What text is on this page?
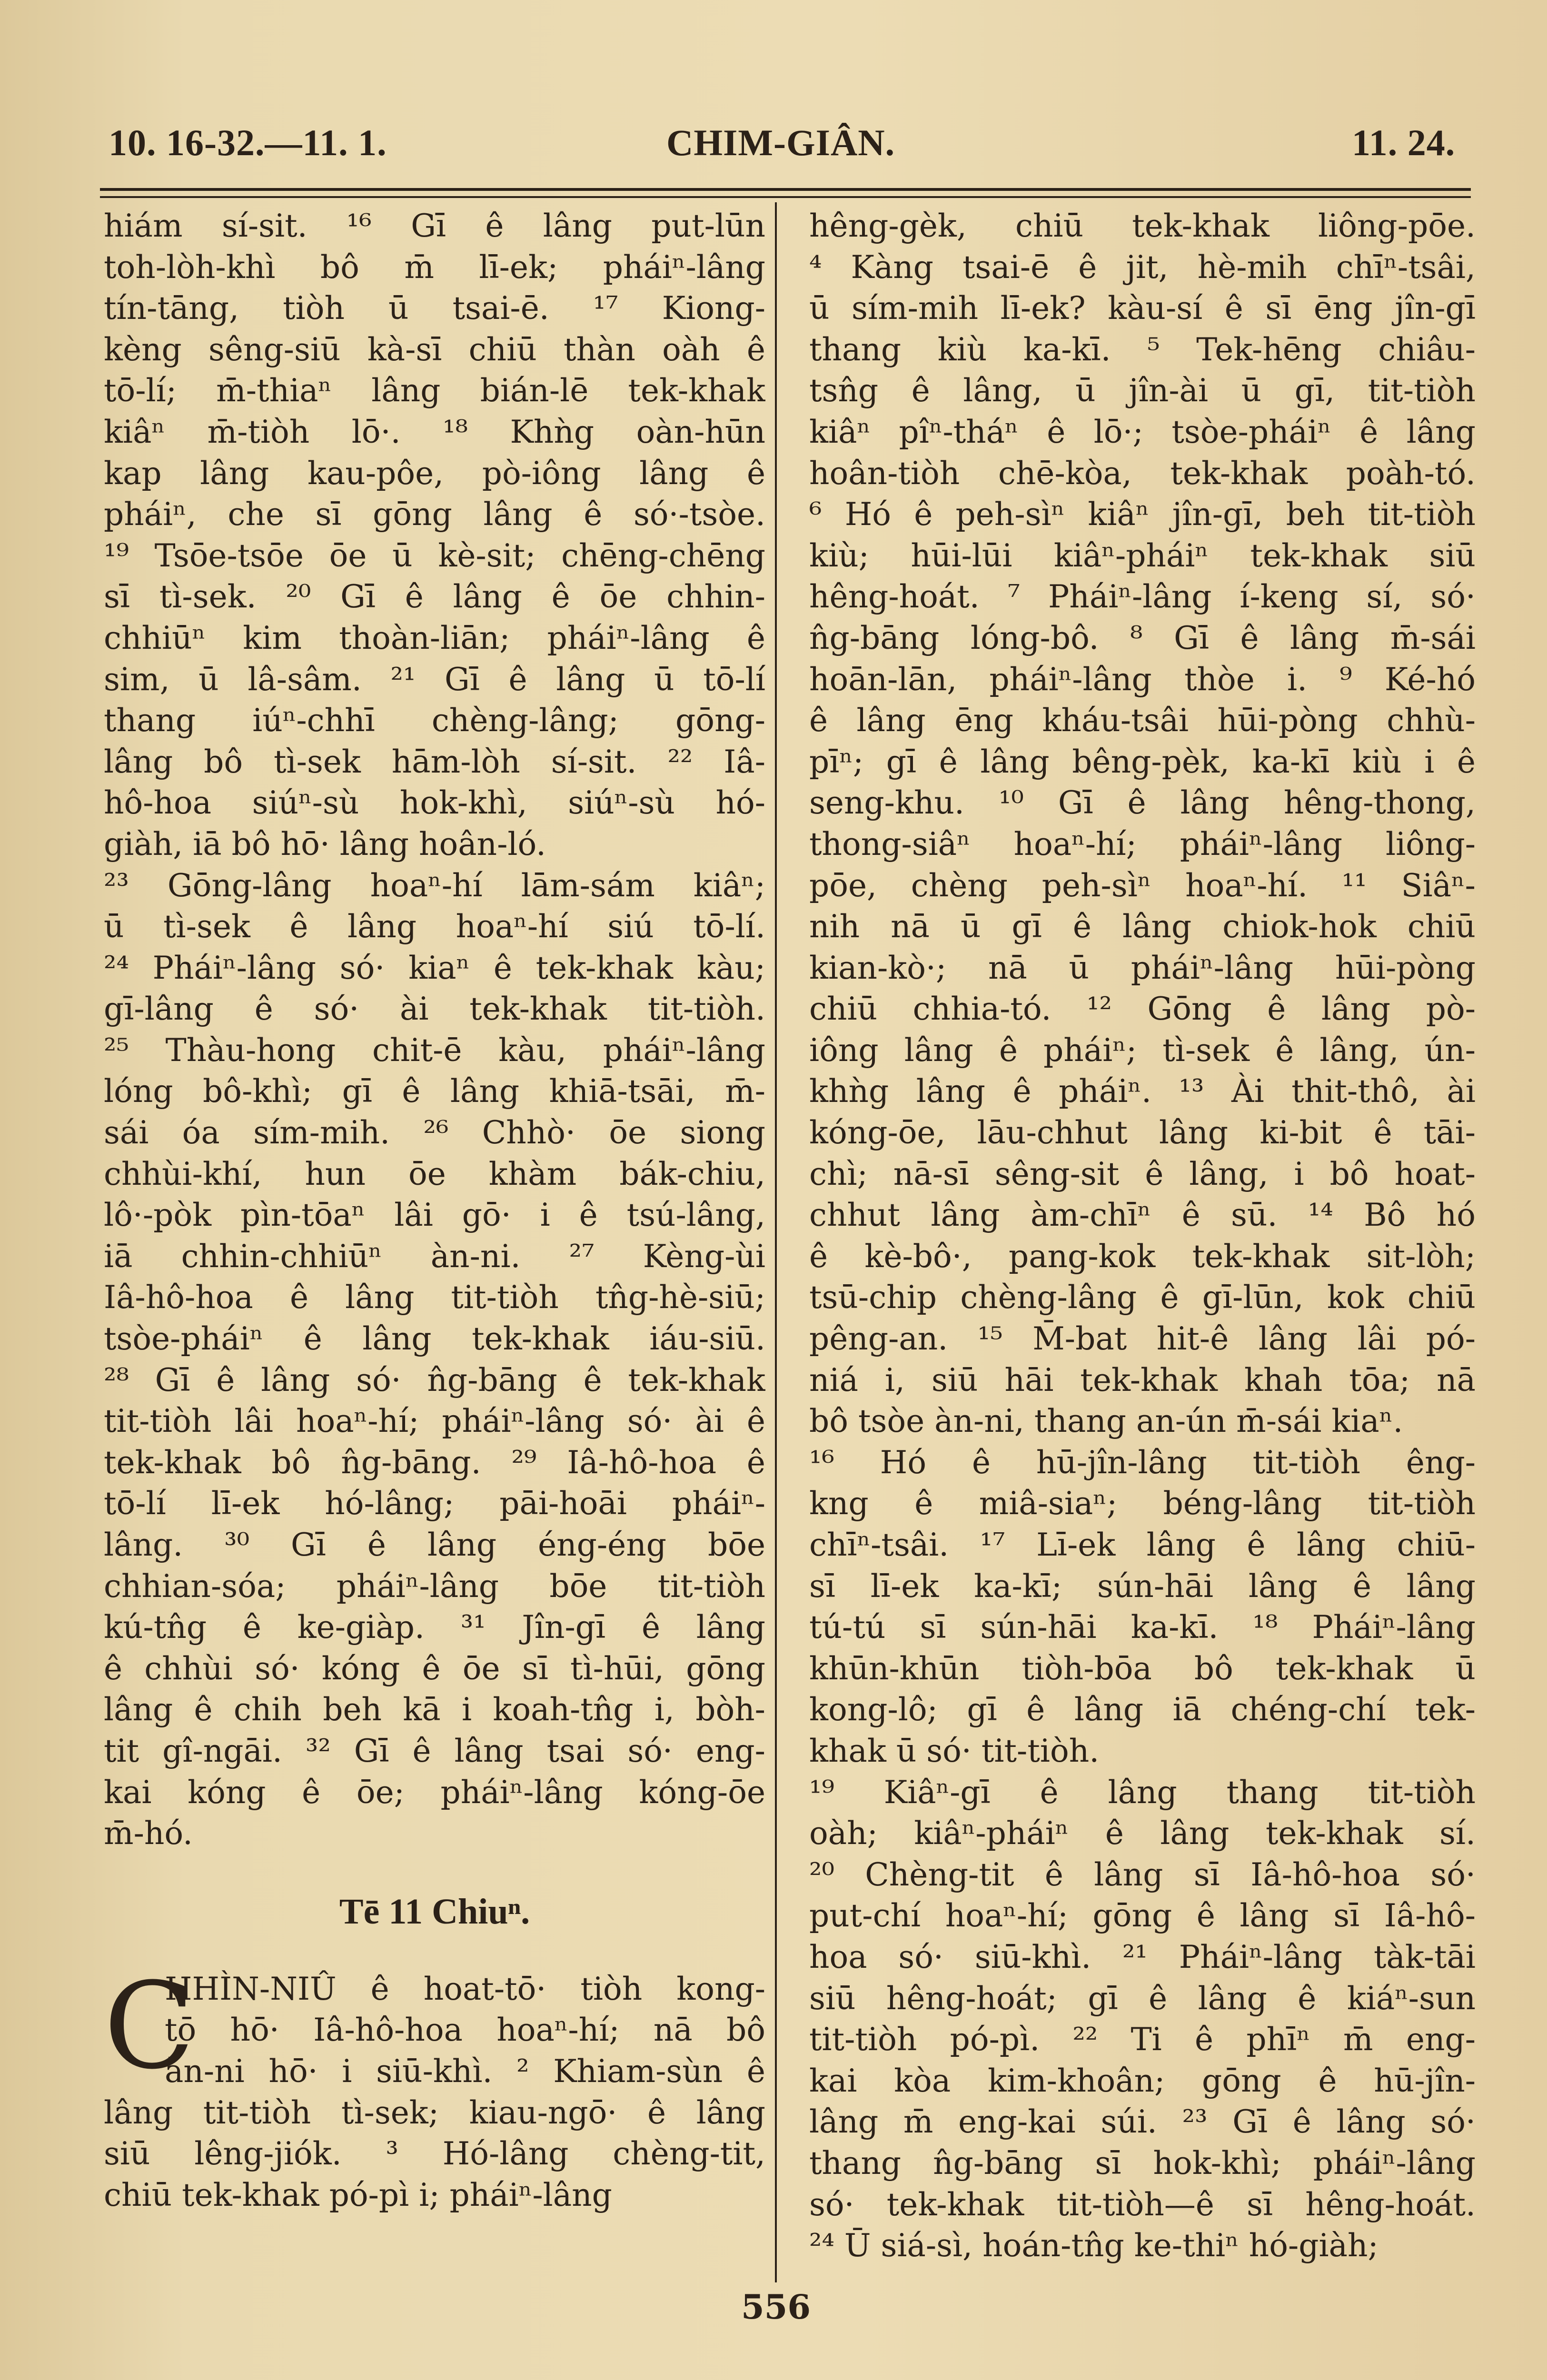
10. 16-32.—11. 1.	CHIM-GIÂN.	11. 24.
hiám sí-sit. ¹⁶ Gī ê lâng put-lūn
toh-lòh-khì bô m̄ lī-ek; pháiⁿ-lâng
tín-tāng, tiòh ū tsai-ē. ¹⁷ Kiong-
kèng sêng-siū kà-sī chiū thàn oàh ê
tō-lí; m̄-thiaⁿ lâng bián-lē tek-khak
kiâⁿ m̄-tiòh lō·. ¹⁸ Khǹg oàn-hūn
kap lâng kau-pôe, pò-iông lâng ê
pháiⁿ, che sī gōng lâng ê só·-tsòe.
¹⁹ Tsōe-tsōe ōe ū kè-sit; chēng-chēng
sī tì-sek. ²⁰ Gī ê lâng ê ōe chhin-
chhiūⁿ kim thoàn-liān; pháiⁿ-lâng ê
sim, ū lâ-sâm. ²¹ Gī ê lâng ū tō-lí
thang iúⁿ-chhī chèng-lâng; gōng-
lâng bô tì-sek hām-lòh sí-sit. ²² Iâ-
hô-hoa siúⁿ-sù hok-khì, siúⁿ-sù hó-
giàh, iā bô hō· lâng hoân-ló.
²³ Gōng-lâng hoaⁿ-hí lām-sám kiâⁿ;
ū tì-sek ê lâng hoaⁿ-hí siú tō-lí.
²⁴ Pháiⁿ-lâng só· kiaⁿ ê tek-khak kàu;
gī-lâng ê só· ài tek-khak tit-tiòh.
²⁵ Thàu-hong chit-ē kàu, pháiⁿ-lâng
lóng bô-khì; gī ê lâng khiā-tsāi, m̄-
sái óa sím-mih. ²⁶ Chhò· ōe siong
chhùi-khí, hun ōe khàm bák-chiu,
lô·-pòk pìn-tōaⁿ lâi gō· i ê tsú-lâng,
iā chhin-chhiūⁿ àn-ni. ²⁷ Kèng-ùi
Iâ-hô-hoa ê lâng tit-tiòh tn̂g-hè-siū;
tsòe-pháiⁿ ê lâng tek-khak iáu-siū.
²⁸ Gī ê lâng só· n̂g-bāng ê tek-khak
tit-tiòh lâi hoaⁿ-hí; pháiⁿ-lâng só· ài ê
tek-khak bô n̂g-bāng. ²⁹ Iâ-hô-hoa ê
tō-lí lī-ek hó-lâng; pāi-hoāi pháiⁿ-
lâng. ³⁰ Gī ê lâng éng-éng bōe
chhian-sóa; pháiⁿ-lâng bōe tit-tiòh
kú-tn̂g ê ke-giàp. ³¹ Jîn-gī ê lâng
ê chhùi só· kóng ê ōe sī tì-hūi, gōng
lâng ê chih beh kā i koah-tn̂g i, bòh-
tit gî-ngāi. ³² Gī ê lâng tsai só· eng-
kai kóng ê ōe; pháiⁿ-lâng kóng-ōe
m̄-hó.
Tē 11 Chiuⁿ.
C
HHÌN-NIÛ ê hoat-tō· tiòh kong-
tō hō· Iâ-hô-hoa hoaⁿ-hí; nā bô
àn-ni hō· i siū-khì. ² Khiam-sùn ê
lâng tit-tiòh tì-sek; kiau-ngō· ê lâng
siū lêng-jiók. ³ Hó-lâng chèng-tit,
chiū tek-khak pó-pì i; pháiⁿ-lâng
hêng-gèk, chiū tek-khak liông-pōe.
⁴ Kàng tsai-ē ê jit, hè-mih chīⁿ-tsâi,
ū sím-mih lī-ek? kàu-sí ê sī ēng jîn-gī
thang kiù ka-kī. ⁵ Tek-hēng chiâu-
tsn̂g ê lâng, ū jîn-ài ū gī, tit-tiòh
kiâⁿ pîⁿ-tháⁿ ê lō·; tsòe-pháiⁿ ê lâng
hoân-tiòh chē-kòa, tek-khak poàh-tó.
⁶ Hó ê peh-sìⁿ kiâⁿ jîn-gī, beh tit-tiòh
kiù; hūi-lūi kiâⁿ-pháiⁿ tek-khak siū
hêng-hoát. ⁷ Pháiⁿ-lâng í-keng sí, só·
n̂g-bāng lóng-bô. ⁸ Gī ê lâng m̄-sái
hoān-lān, pháiⁿ-lâng thòe i. ⁹ Ké-hó
ê lâng ēng kháu-tsâi hūi-pòng chhù-
pīⁿ; gī ê lâng bêng-pèk, ka-kī kiù i ê
seng-khu. ¹⁰ Gī ê lâng hêng-thong,
thong-siâⁿ hoaⁿ-hí; pháiⁿ-lâng liông-
pōe, chèng peh-sìⁿ hoaⁿ-hí. ¹¹ Siâⁿ-
nih nā ū gī ê lâng chiok-hok chiū
kian-kò·; nā ū pháiⁿ-lâng hūi-pòng
chiū chhia-tó. ¹² Gōng ê lâng pò-
iông lâng ê pháiⁿ; tì-sek ê lâng, ún-
khǹg lâng ê pháiⁿ. ¹³ Ài thit-thô, ài
kóng-ōe, lāu-chhut lâng ki-bit ê tāi-
chì; nā-sī sêng-sit ê lâng, i bô hoat-
chhut lâng àm-chīⁿ ê sū. ¹⁴ Bô hó
ê kè-bô·, pang-kok tek-khak sit-lòh;
tsū-chip chèng-lâng ê gī-lūn, kok chiū
pêng-an. ¹⁵ M̄-bat hit-ê lâng lâi pó-
niá i, siū hāi tek-khak khah tōa; nā
bô tsòe àn-ni, thang an-ún m̄-sái kiaⁿ.
¹⁶ Hó ê hū-jîn-lâng tit-tiòh êng-
kng ê miâ-siaⁿ; béng-lâng tit-tiòh
chīⁿ-tsâi. ¹⁷ Lī-ek lâng ê lâng chiū-
sī lī-ek ka-kī; sún-hāi lâng ê lâng
tú-tú sī sún-hāi ka-kī. ¹⁸ Pháiⁿ-lâng
khūn-khūn tiòh-bōa bô tek-khak ū
kong-lô; gī ê lâng iā chéng-chí tek-
khak ū só· tit-tiòh.
¹⁹ Kiâⁿ-gī ê lâng thang tit-tiòh
oàh; kiâⁿ-pháiⁿ ê lâng tek-khak sí.
²⁰ Chèng-tit ê lâng sī Iâ-hô-hoa só·
put-chí hoaⁿ-hí; gōng ê lâng sī Iâ-hô-
hoa só· siū-khì. ²¹ Pháiⁿ-lâng tàk-tāi
siū hêng-hoát; gī ê lâng ê kiáⁿ-sun
tit-tiòh pó-pì. ²² Ti ê phīⁿ m̄ eng-
kai kòa kim-khoân; gōng ê hū-jîn-
lâng m̄ eng-kai súi. ²³ Gī ê lâng só·
thang n̂g-bāng sī hok-khì; pháiⁿ-lâng
só· tek-khak tit-tiòh—ê sī hêng-hoát.
²⁴ Ū siá-sì, hoán-tn̂g ke-thiⁿ hó-giàh;
556
